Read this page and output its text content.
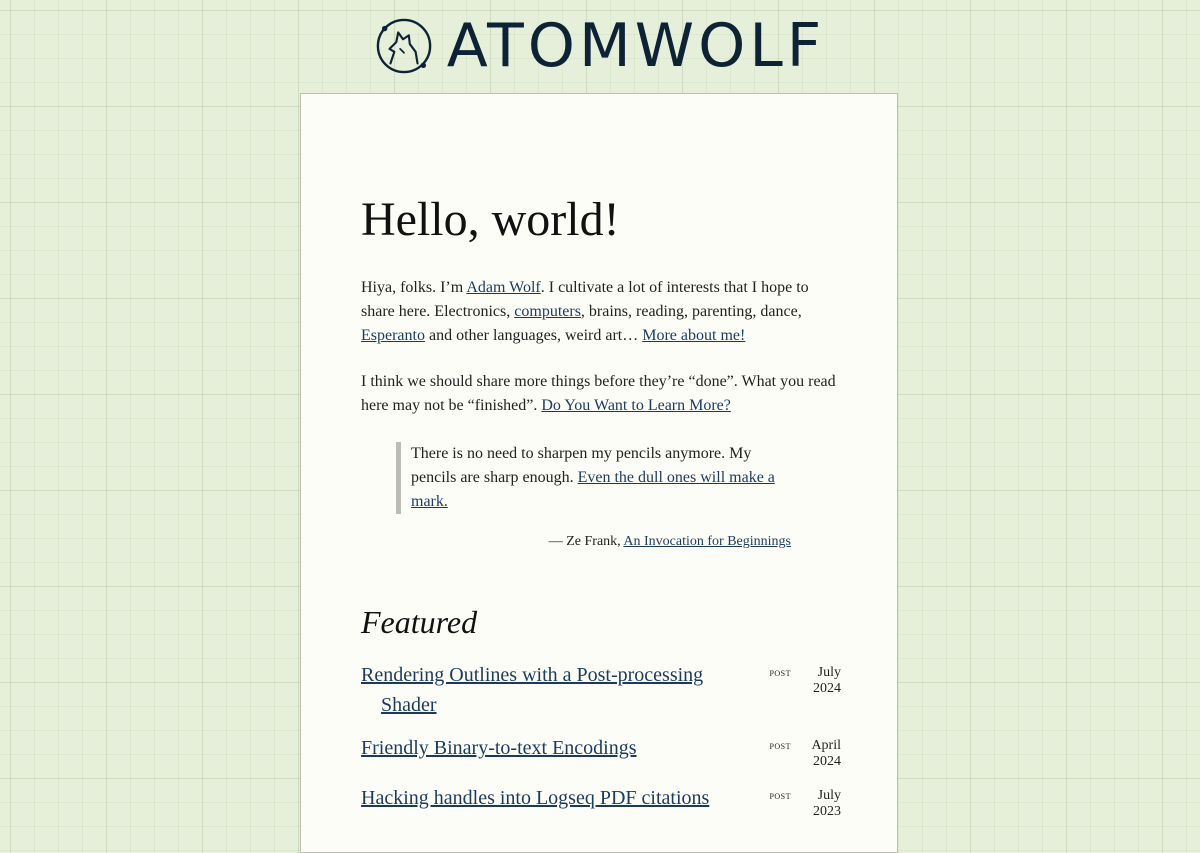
ATOMWOLF
Hello, world!

Hiya, folks. I’m Adam Wolf. I cultivate a lot of interests that I hope to share here. Electronics, computers, brains, reading, parenting, dance, Esperanto and other languages, weird art… More about me!

I think we should share more things before they’re “done”. What you read here may not be “finished”. Do You Want to Learn More?

There is no need to sharpen my pencils anymore. My pencils are sharp enough. Even the dull ones will make a mark.
— Ze Frank, An Invocation for Beginnings
Featured
Rendering Outlines with a Post-processing Shader
post	July 2024
Friendly Binary-to-text Encodings	post	April 2024
Hacking handles into Logseq PDF citations	post	July 2023
